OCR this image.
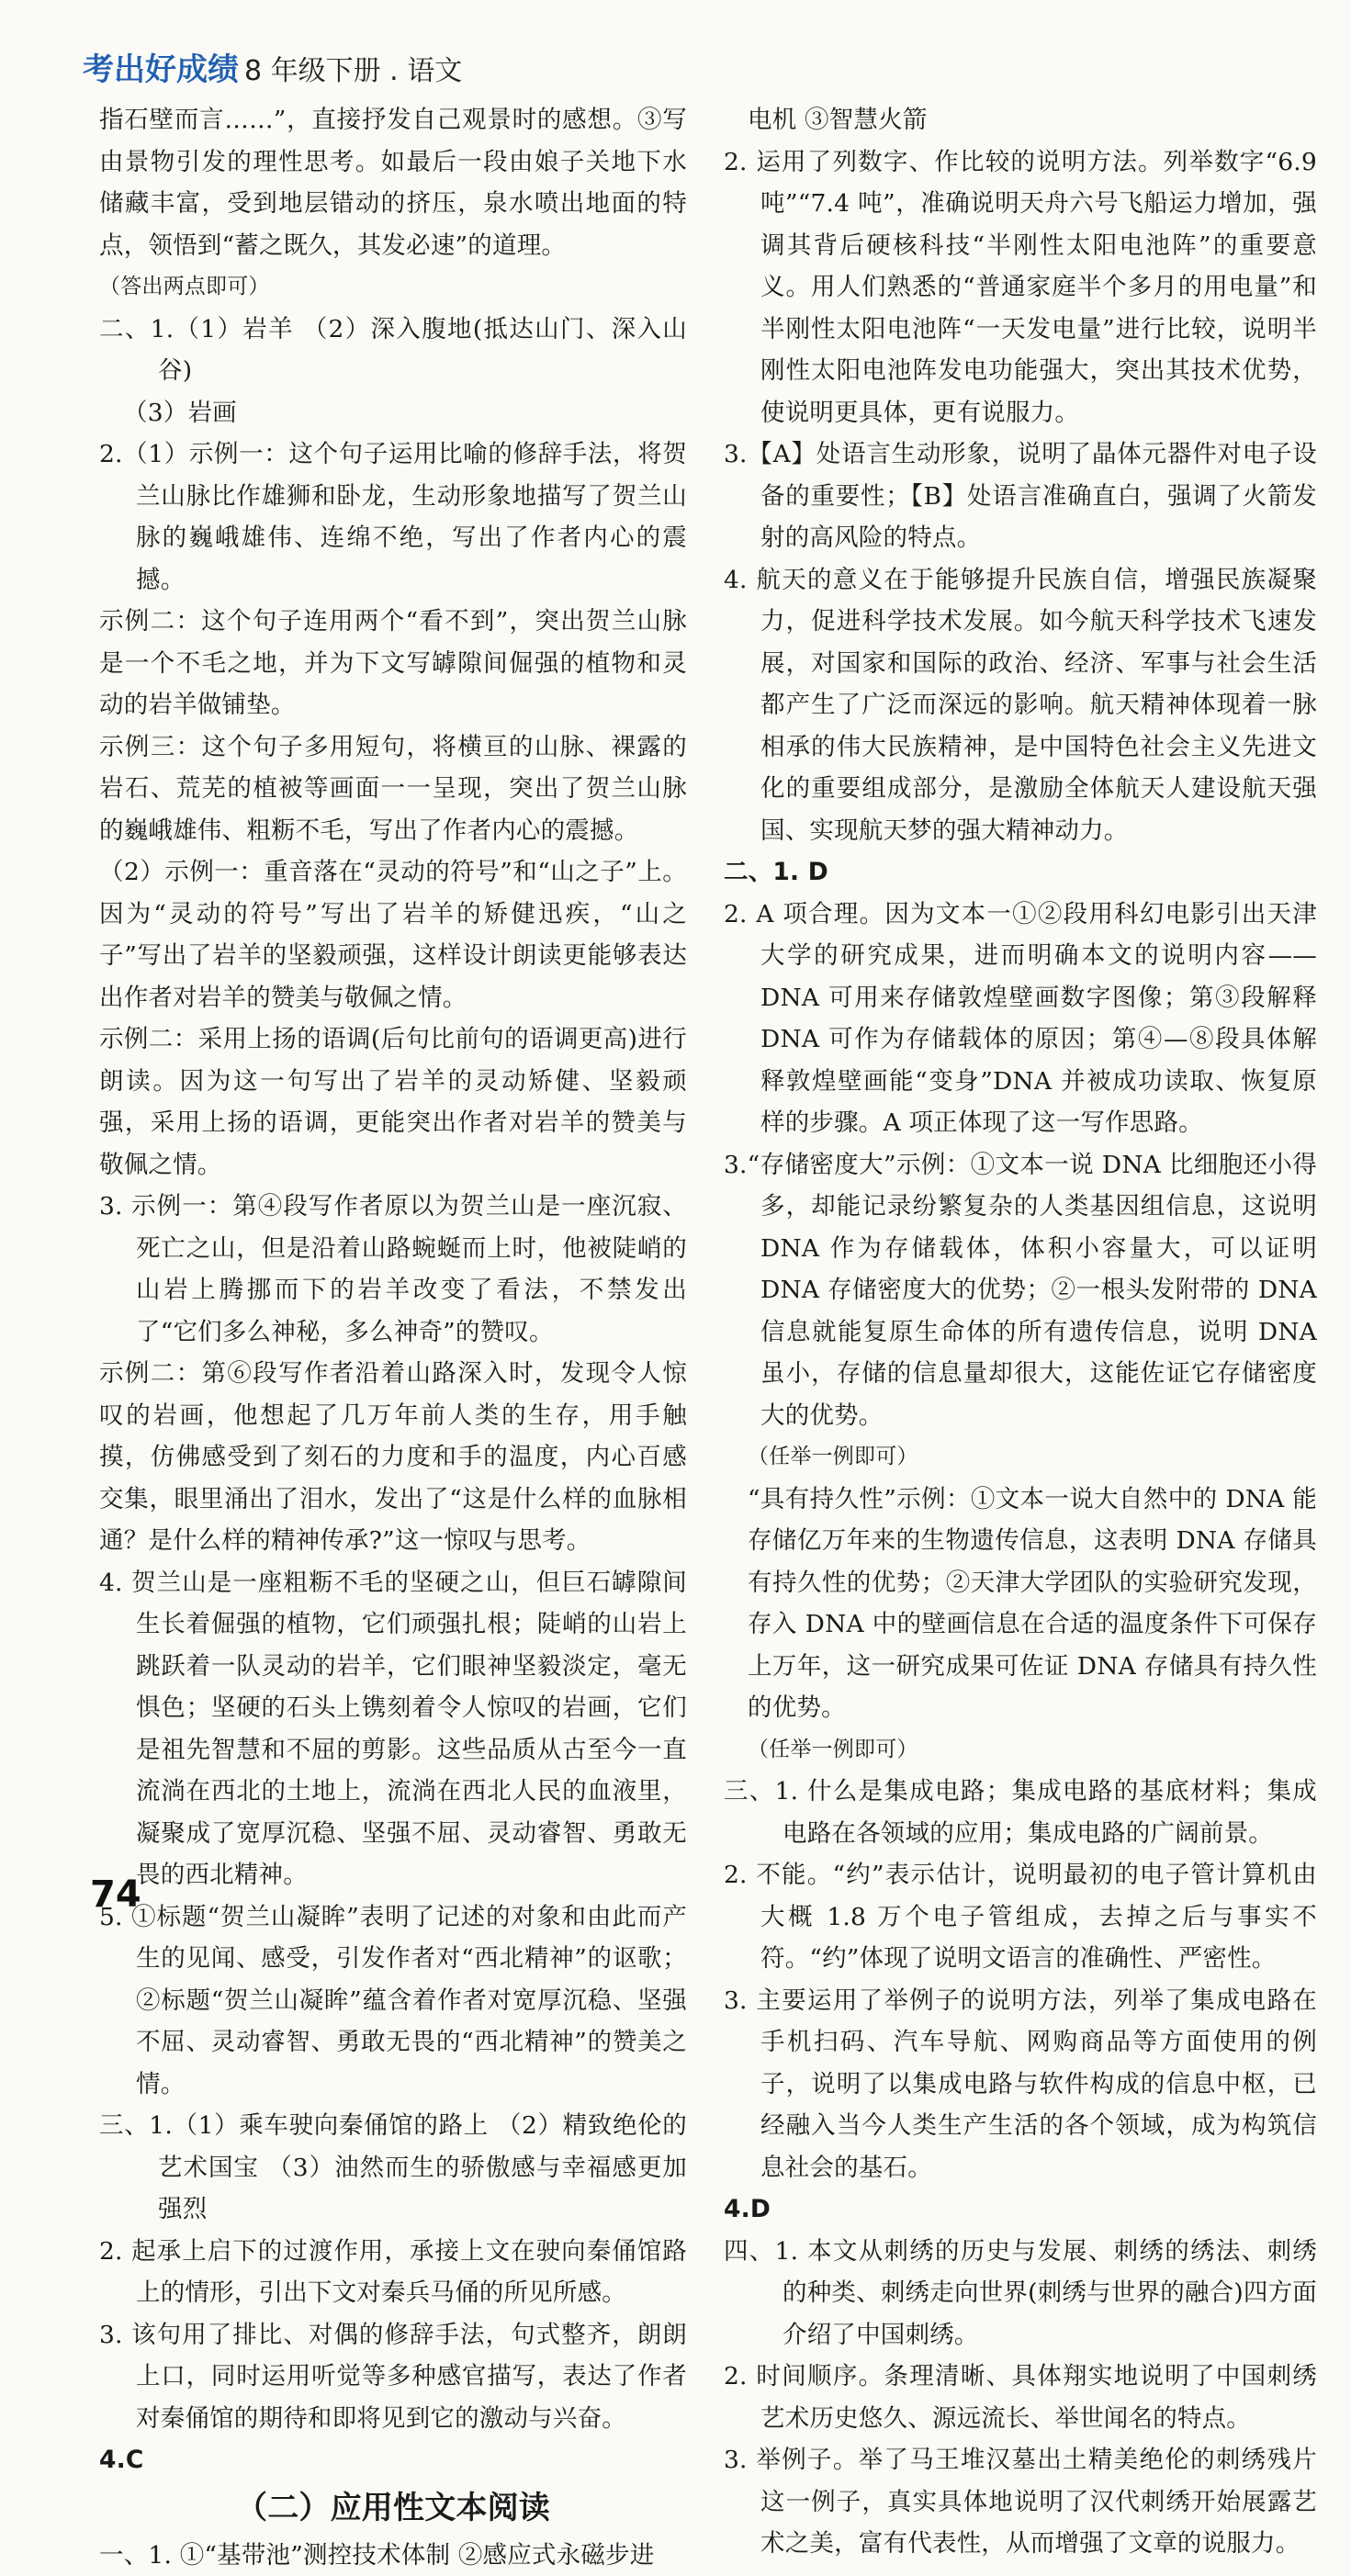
考出好成绩 8 年级下册 . 语文

指石壁而言……”，直接抒发自己观景时的感想。③写由景物引发的理性思考。如最后一段由娘子关地下水储藏丰富，受到地层错动的挤压，泉水喷出地面的特点，领悟到“蓄之既久，其发必速”的道理。

（答出两点即可）

二、1.（1）岩羊 （2）深入腹地(抵达山门、深入山谷)

（3）岩画

2.（1）示例一：这个句子运用比喻的修辞手法，将贺兰山脉比作雄狮和卧龙，生动形象地描写了贺兰山脉的巍峨雄伟、连绵不绝，写出了作者内心的震撼。

示例二：这个句子连用两个“看不到”，突出贺兰山脉是一个不毛之地，并为下文写罅隙间倔强的植物和灵动的岩羊做铺垫。

示例三：这个句子多用短句，将横亘的山脉、裸露的岩石、荒芜的植被等画面一一呈现，突出了贺兰山脉的巍峨雄伟、粗粝不毛，写出了作者内心的震撼。

（2）示例一：重音落在“灵动的符号”和“山之子”上。因为“灵动的符号”写出了岩羊的矫健迅疾，“山之子”写出了岩羊的坚毅顽强，这样设计朗读更能够表达出作者对岩羊的赞美与敬佩之情。

示例二：采用上扬的语调(后句比前句的语调更高)进行朗读。因为这一句写出了岩羊的灵动矫健、坚毅顽强，采用上扬的语调，更能突出作者对岩羊的赞美与敬佩之情。

3. 示例一：第④段写作者原以为贺兰山是一座沉寂、死亡之山，但是沿着山路蜿蜒而上时，他被陡峭的山岩上腾挪而下的岩羊改变了看法，不禁发出了“它们多么神秘，多么神奇”的赞叹。

示例二：第⑥段写作者沿着山路深入时，发现令人惊叹的岩画，他想起了几万年前人类的生存，用手触摸，仿佛感受到了刻石的力度和手的温度，内心百感交集，眼里涌出了泪水，发出了“这是什么样的血脉相通？是什么样的精神传承?”这一惊叹与思考。

4. 贺兰山是一座粗粝不毛的坚硬之山，但巨石罅隙间生长着倔强的植物，它们顽强扎根；陡峭的山岩上跳跃着一队灵动的岩羊，它们眼神坚毅淡定，毫无惧色；坚硬的石头上镌刻着令人惊叹的岩画，它们是祖先智慧和不屈的剪影。这些品质从古至今一直流淌在西北的土地上，流淌在西北人民的血液里，凝聚成了宽厚沉稳、坚强不屈、灵动睿智、勇敢无畏的西北精神。

5. ①标题“贺兰山凝眸”表明了记述的对象和由此而产生的见闻、感受，引发作者对“西北精神”的讴歌；②标题“贺兰山凝眸”蕴含着作者对宽厚沉稳、坚强不屈、灵动睿智、勇敢无畏的“西北精神”的赞美之情。

三、1.（1）乘车驶向秦俑馆的路上 （2）精致绝伦的艺术国宝 （3）油然而生的骄傲感与幸福感更加强烈

2. 起承上启下的过渡作用，承接上文在驶向秦俑馆路上的情形，引出下文对秦兵马俑的所见所感。

3. 该句用了排比、对偶的修辞手法，句式整齐，朗朗上口，同时运用听觉等多种感官描写，表达了作者对秦俑馆的期待和即将见到它的激动与兴奋。

4.C

（二）应用性文本阅读

一、1. ①“基带池”测控技术体制 ②感应式永磁步进

电机 ③智慧火箭

2. 运用了列数字、作比较的说明方法。列举数字“6.9吨”“7.4 吨”，准确说明天舟六号飞船运力增加，强调其背后硬核科技“半刚性太阳电池阵”的重要意义。用人们熟悉的“普通家庭半个多月的用电量”和半刚性太阳电池阵“一天发电量”进行比较，说明半刚性太阳电池阵发电功能强大，突出其技术优势，使说明更具体，更有说服力。

3.【A】处语言生动形象，说明了晶体元器件对电子设备的重要性；【B】处语言准确直白，强调了火箭发射的高风险的特点。

4. 航天的意义在于能够提升民族自信，增强民族凝聚力，促进科学技术发展。如今航天科学技术飞速发展，对国家和国际的政治、经济、军事与社会生活都产生了广泛而深远的影响。航天精神体现着一脉相承的伟大民族精神，是中国特色社会主义先进文化的重要组成部分，是激励全体航天人建设航天强国、实现航天梦的强大精神动力。

二、1. D

2. A 项合理。因为文本一①②段用科幻电影引出天津大学的研究成果，进而明确本文的说明内容——DNA 可用来存储敦煌壁画数字图像；第③段解释 DNA 可作为存储载体的原因；第④—⑧段具体解释敦煌壁画能“变身”DNA 并被成功读取、恢复原样的步骤。A 项正体现了这一写作思路。

3.“存储密度大”示例：①文本一说 DNA 比细胞还小得多，却能记录纷繁复杂的人类基因组信息，这说明 DNA 作为存储载体，体积小容量大，可以证明 DNA 存储密度大的优势；②一根头发附带的 DNA 信息就能复原生命体的所有遗传信息，说明 DNA 虽小，存储的信息量却很大，这能佐证它存储密度大的优势。

（任举一例即可）

“具有持久性”示例：①文本一说大自然中的 DNA 能存储亿万年来的生物遗传信息，这表明 DNA 存储具有持久性的优势；②天津大学团队的实验研究发现，存入 DNA 中的壁画信息在合适的温度条件下可保存上万年，这一研究成果可佐证 DNA 存储具有持久性的优势。

（任举一例即可）

三、1. 什么是集成电路；集成电路的基底材料；集成电路在各领域的应用；集成电路的广阔前景。

2. 不能。“约”表示估计，说明最初的电子管计算机由大概 1.8 万个电子管组成，去掉之后与事实不符。“约”体现了说明文语言的准确性、严密性。

3. 主要运用了举例子的说明方法，列举了集成电路在手机扫码、汽车导航、网购商品等方面使用的例子，说明了以集成电路与软件构成的信息中枢，已经融入当今人类生产生活的各个领域，成为构筑信息社会的基石。

4.D

四、1. 本文从刺绣的历史与发展、刺绣的绣法、刺绣的种类、刺绣走向世界(刺绣与世界的融合)四方面介绍了中国刺绣。

2. 时间顺序。条理清晰、具体翔实地说明了中国刺绣艺术历史悠久、源远流长、举世闻名的特点。

3. 举例子。举了马王堆汉墓出土精美绝伦的刺绣残片这一例子，真实具体地说明了汉代刺绣开始展露艺术之美，富有代表性，从而增强了文章的说服力。

74
